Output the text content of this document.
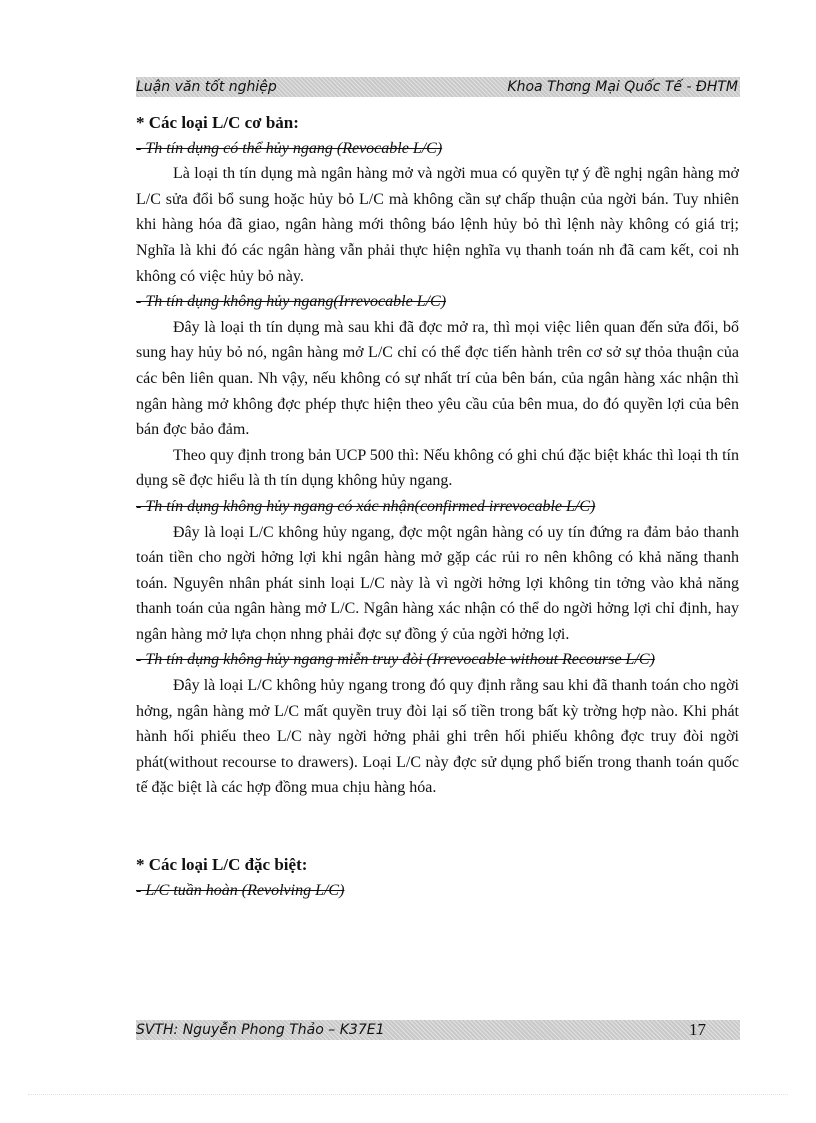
Luận văn tốt nghiệp	Khoa Thơng Mại Quốc Tế - ĐHTM

* Các loại L/C cơ bản:

- Th tín dụng có thể hủy ngang (Revocable L/C)

Là loại th tín dụng mà ngân hàng mở và ngời mua có quyền tự ý đề nghị ngân hàng mở L/C sửa đổi bổ sung hoặc hủy bỏ L/C mà không cần sự chấp thuận của ngời bán. Tuy nhiên khi hàng hóa đã giao, ngân hàng mới thông báo lệnh hủy bỏ thì lệnh này không có giá trị; Nghĩa là khi đó các ngân hàng vẫn phải thực hiện nghĩa vụ thanh toán nh đã cam kết, coi nh không có việc hủy bỏ này.

- Th tín dụng không hủy ngang(Irrevocable L/C)

Đây là loại th tín dụng mà sau khi đã đợc mở ra, thì mọi việc liên quan đến sửa đổi, bổ sung hay hủy bỏ nó, ngân hàng mở L/C chỉ có thể đợc tiến hành trên cơ sở sự thỏa thuận của các bên liên quan. Nh vậy, nếu không có sự nhất trí của bên bán, của ngân hàng xác nhận thì ngân hàng mở không đợc phép thực hiện theo yêu cầu của bên mua, do đó quyền lợi của bên bán đợc bảo đảm.

Theo quy định trong bản UCP 500 thì: Nếu không có ghi chú đặc biệt khác thì loại th tín dụng sẽ đợc hiểu là th tín dụng không hủy ngang.

- Th tín dụng không hủy ngang có xác nhận(confirmed irrevocable L/C)

Đây là loại L/C không hủy ngang, đợc một ngân hàng có uy tín đứng ra đảm bảo thanh toán tiền cho ngời hởng lợi khi ngân hàng mở gặp các rủi ro nên không có khả năng thanh toán. Nguyên nhân phát sinh loại L/C này là vì ngời hởng lợi không tin tởng vào khả năng thanh toán của ngân hàng mở L/C. Ngân hàng xác nhận có thể do ngời hởng lợi chỉ định, hay ngân hàng mở lựa chọn nhng phải đợc sự đồng ý của ngời hởng lợi.

- Th tín dụng không hủy ngang miễn truy đòi (Irrevocable without Recourse L/C)

Đây là loại L/C không hủy ngang trong đó quy định rằng sau khi đã thanh toán cho ngời hởng, ngân hàng mở L/C mất quyền truy đòi lại số tiền trong bất kỳ trờng hợp nào. Khi phát hành hối phiếu theo L/C này ngời hởng phải ghi trên hối phiếu không đợc truy đòi ngời phát(without recourse to drawers). Loại L/C này đợc sử dụng phổ biến trong thanh toán quốc tế đặc biệt là các hợp đồng mua chịu hàng hóa.

* Các loại L/C đặc biệt:

- L/C tuần hoàn (Revolving L/C)

SVTH: Nguyễn Phong Thảo – K37E1	17
